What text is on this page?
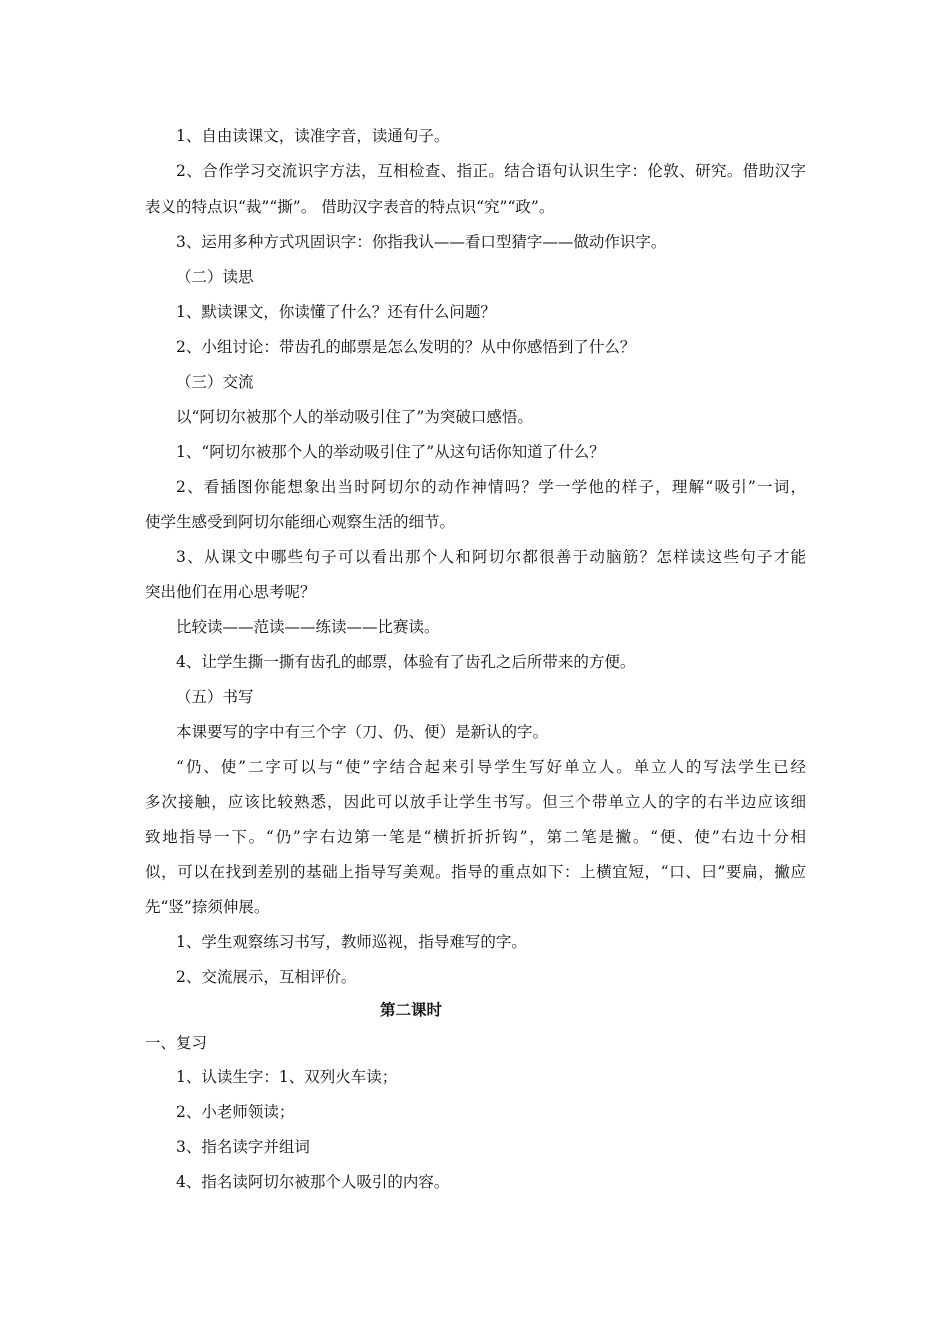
1、自由读课文，读准字音，读通句子。
2、合作学习交流识字方法，互相检查、指正。结合语句认识生字：伦敦、研究。借助汉字
表义的特点识“裁”“撕”。 借助汉字表音的特点识“究”“政”。
3、运用多种方式巩固识字：你指我认——看口型猜字——做动作识字。
（二）读思
1、默读课文，你读懂了什么？还有什么问题？
2、小组讨论：带齿孔的邮票是怎么发明的？从中你感悟到了什么？
（三）交流
以“阿切尔被那个人的举动吸引住了”为突破口感悟。
1、“阿切尔被那个人的举动吸引住了”从这句话你知道了什么？
2、看插图你能想象出当时阿切尔的动作神情吗？学一学他的样子，理解“吸引”一词，
使学生感受到阿切尔能细心观察生活的细节。
3、从课文中哪些句子可以看出那个人和阿切尔都很善于动脑筋？怎样读这些句子才能
突出他们在用心思考呢？
比较读——范读——练读——比赛读。
4、让学生撕一撕有齿孔的邮票，体验有了齿孔之后所带来的方便。
（五）书写
本课要写的字中有三个字（刀、仍、便）是新认的字。
“仍、使”二字可以与“使”字结合起来引导学生写好单立人。单立人的写法学生已经
多次接触，应该比较熟悉，因此可以放手让学生书写。但三个带单立人的字的右半边应该细
致地指导一下。“仍”字右边第一笔是“横折折折钩”，第二笔是撇。“便、使”右边十分相
似，可以在找到差别的基础上指导写美观。指导的重点如下：上横宜短，“口、曰”要扁，撇应
先“竖”捺须伸展。
1、学生观察练习书写，教师巡视，指导难写的字。
2、交流展示，互相评价。
第二课时
一、复习
1、认读生字：1、双列火车读；
2、小老师领读；
3、指名读字并组词
4、指名读阿切尔被那个人吸引的内容。
